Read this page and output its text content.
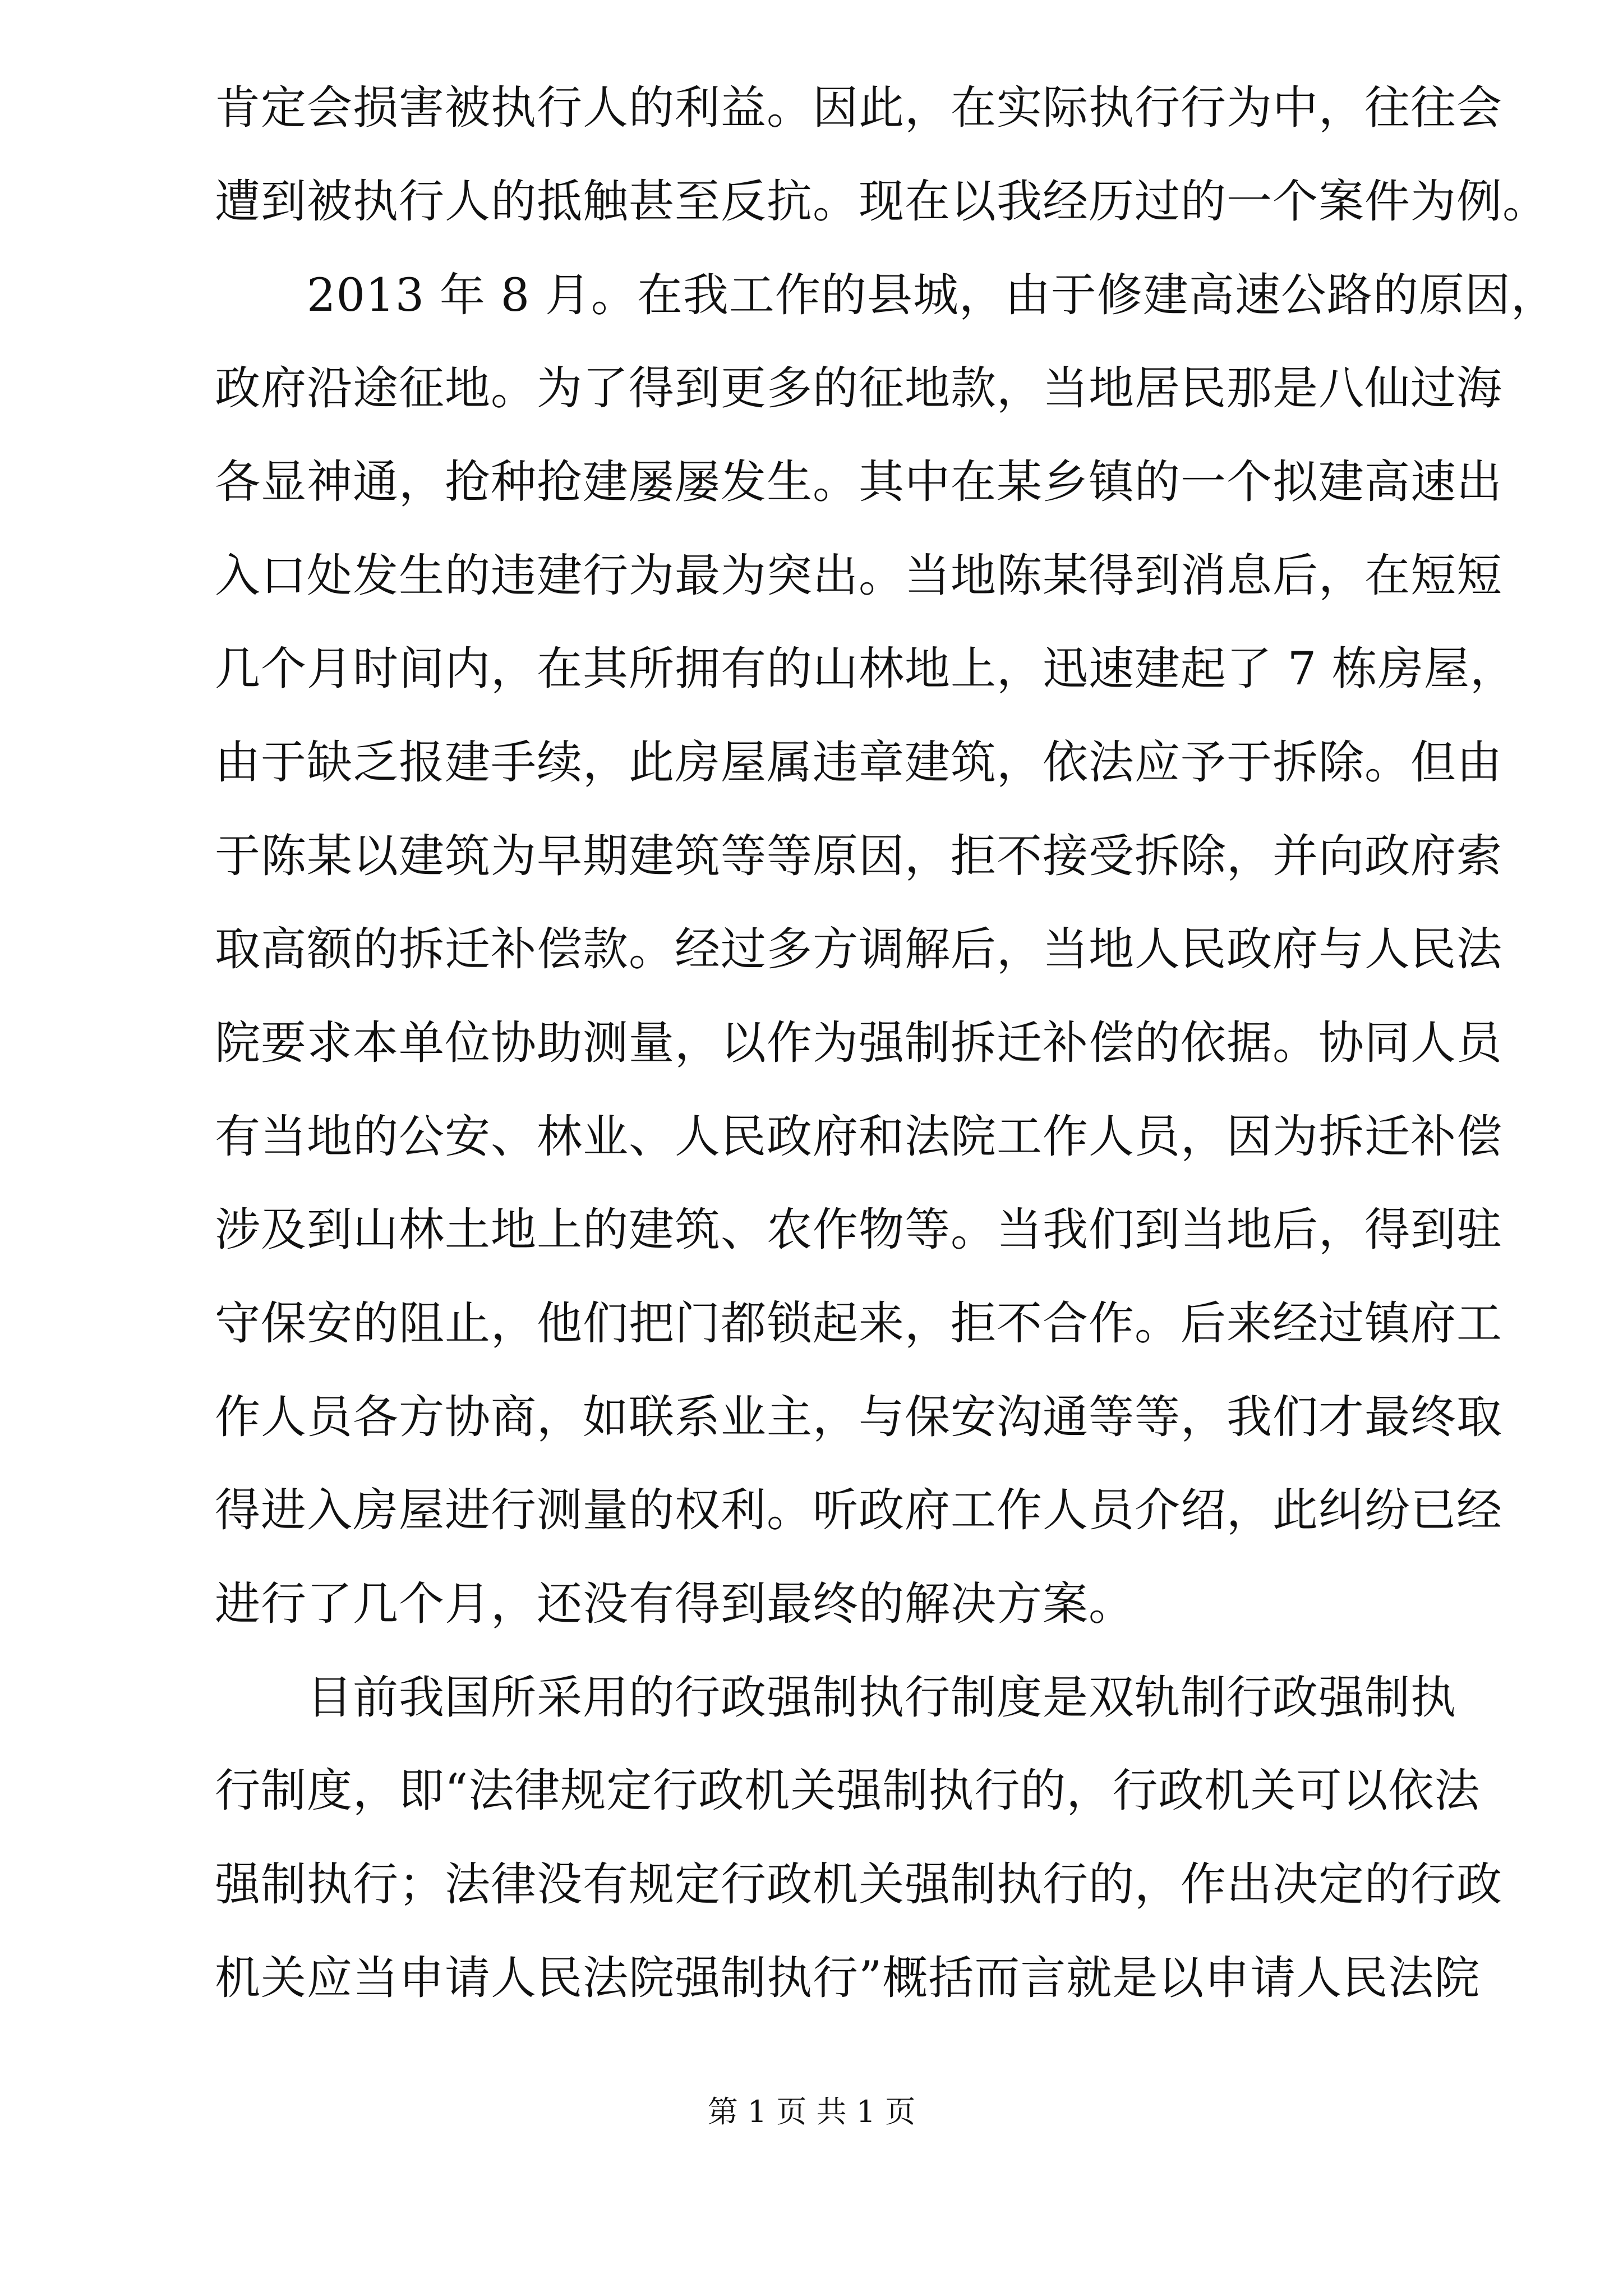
肯定会损害被执行人的利益。因此，在实际执行行为中，往往会
遭到被执行人的抵触甚至反抗。现在以我经历过的一个案件为例。
　　2013 年 8 月。在我工作的县城，由于修建高速公路的原因，
政府沿途征地。为了得到更多的征地款，当地居民那是八仙过海
各显神通，抢种抢建屡屡发生。其中在某乡镇的一个拟建高速出
入口处发生的违建行为最为突出。当地陈某得到消息后，在短短
几个月时间内，在其所拥有的山林地上，迅速建起了 7 栋房屋，
由于缺乏报建手续，此房屋属违章建筑，依法应予于拆除。但由
于陈某以建筑为早期建筑等等原因，拒不接受拆除，并向政府索
取高额的拆迁补偿款。经过多方调解后，当地人民政府与人民法
院要求本单位协助测量，以作为强制拆迁补偿的依据。协同人员
有当地的公安、林业、人民政府和法院工作人员，因为拆迁补偿
涉及到山林土地上的建筑、农作物等。当我们到当地后，得到驻
守保安的阻止，他们把门都锁起来，拒不合作。后来经过镇府工
作人员各方协商，如联系业主，与保安沟通等等，我们才最终取
得进入房屋进行测量的权利。听政府工作人员介绍，此纠纷已经
进行了几个月，还没有得到最终的解决方案。
　　目前我国所采用的行政强制执行制度是双轨制行政强制执
行制度，即“法律规定行政机关强制执行的，行政机关可以依法
强制执行；法律没有规定行政机关强制执行的，作出决定的行政
机关应当申请人民法院强制执行”概括而言就是以申请人民法院
第 1 页 共 1 页
